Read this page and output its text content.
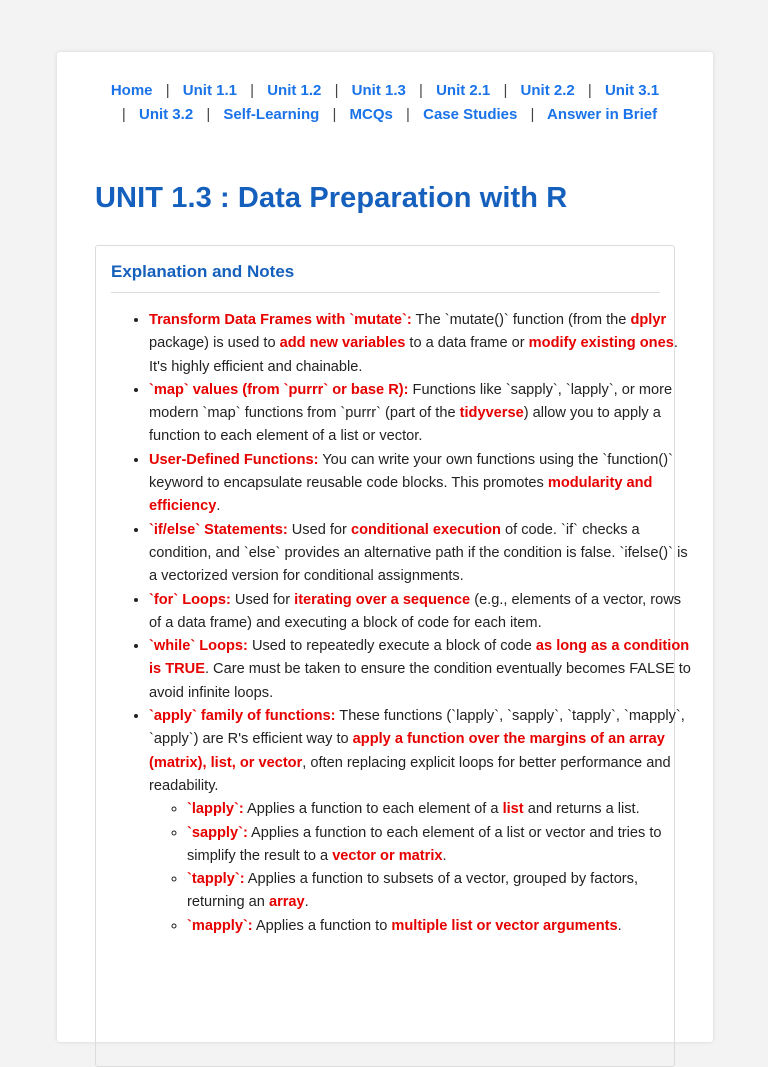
Home | Unit 1.1 | Unit 1.2 | Unit 1.3 | Unit 2.1 | Unit 2.2 | Unit 3.1 | Unit 3.2 | Self-Learning | MCQs | Case Studies | Answer in Brief
UNIT 1.3 : Data Preparation with R
Explanation and Notes
• Transform Data Frames with `mutate`: The `mutate()` function (from the dplyr package) is used to add new variables to a data frame or modify existing ones. It's highly efficient and chainable.
• `map` values (from `purrr` or base R): Functions like `sapply`, `lapply`, or more modern `map` functions from `purrr` (part of the tidyverse) allow you to apply a function to each element of a list or vector.
• User-Defined Functions: You can write your own functions using the `function()` keyword to encapsulate reusable code blocks. This promotes modularity and efficiency.
• `if/else` Statements: Used for conditional execution of code. `if` checks a condition, and `else` provides an alternative path if the condition is false. `ifelse()` is a vectorized version for conditional assignments.
• `for` Loops: Used for iterating over a sequence (e.g., elements of a vector, rows of a data frame) and executing a block of code for each item.
• `while` Loops: Used to repeatedly execute a block of code as long as a condition is TRUE. Care must be taken to ensure the condition eventually becomes FALSE to avoid infinite loops.
• `apply` family of functions: These functions (`lapply`, `sapply`, `tapply`, `mapply`, `apply`) are R's efficient way to apply a function over the margins of an array (matrix), list, or vector, often replacing explicit loops for better performance and readability.
◦ `lapply`: Applies a function to each element of a list and returns a list.
◦ `sapply`: Applies a function to each element of a list or vector and tries to simplify the result to a vector or matrix.
◦ `tapply`: Applies a function to subsets of a vector, grouped by factors, returning an array.
◦ `mapply`: Applies a function to multiple list or vector arguments.
